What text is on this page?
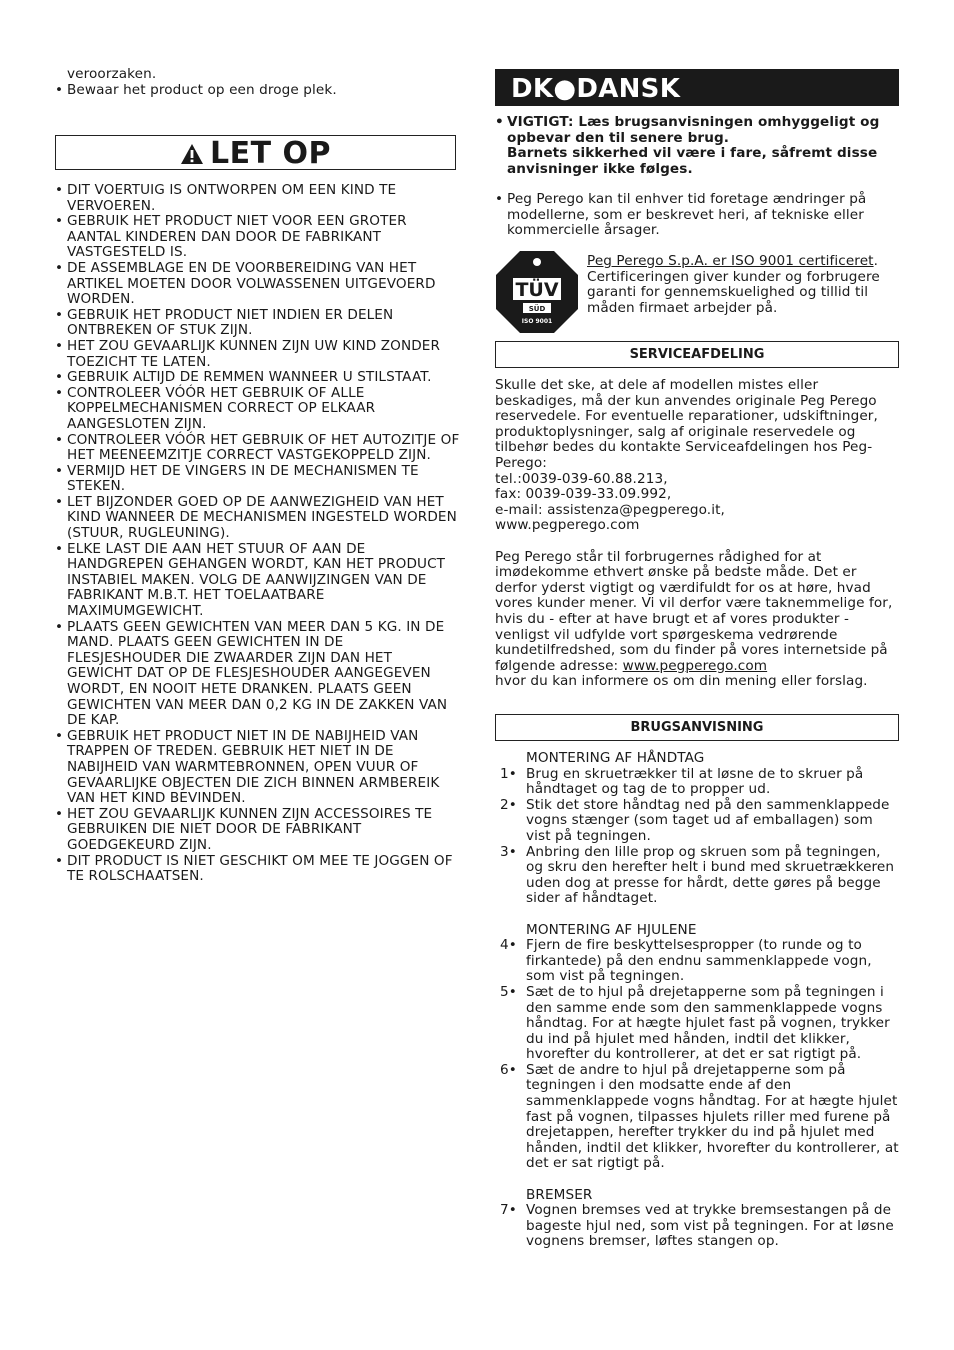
veroorzaken.

• Bewaar het product op een droge plek.

LET OP

• DIT VOERTUIG IS ONTWORPEN OM EEN KIND TE VERVOEREN.

• GEBRUIK HET PRODUCT NIET VOOR EEN GROTER AANTAL KINDEREN DAN DOOR DE FABRIKANT VASTGESTELD IS.

• DE ASSEMBLAGE EN DE VOORBEREIDING VAN HET ARTIKEL MOETEN DOOR VOLWASSENEN UITGEVOERD WORDEN.

• GEBRUIK HET PRODUCT NIET INDIEN ER DELEN ONTBREKEN OF STUK ZIJN.

• HET ZOU GEVAARLIJK KUNNEN ZIJN UW KIND ZONDER TOEZICHT TE LATEN.

• GEBRUIK ALTIJD DE REMMEN WANNEER U STILSTAAT.

• CONTROLEER VÓÓR HET GEBRUIK OF ALLE KOPPELMECHANISMEN CORRECT OP ELKAAR AANGESLOTEN ZIJN.

• CONTROLEER VÓÓR HET GEBRUIK OF HET AUTOZITJE OF HET MEENEEMZITJE CORRECT VASTGEKOPPELD ZIJN.

• VERMIJD HET DE VINGERS IN DE MECHANISMEN TE STEKEN.

• LET BIJZONDER GOED OP DE AANWEZIGHEID VAN HET KIND WANNEER DE MECHANISMEN INGESTELD WORDEN (STUUR, RUGLEUNING).

• ELKE LAST DIE AAN HET STUUR OF AAN DE HANDGREPEN GEHANGEN WORDT, KAN HET PRODUCT INSTABIEL MAKEN. VOLG DE AANWIJZINGEN VAN DE FABRIKANT M.B.T. HET TOELAATBARE MAXIMUMGEWICHT.

• PLAATS GEEN GEWICHTEN VAN MEER DAN 5 KG. IN DE MAND. PLAATS GEEN GEWICHTEN IN DE FLESJESHOUDER DIE ZWAARDER ZIJN DAN HET GEWICHT DAT OP DE FLESJESHOUDER AANGEGEVEN WORDT, EN NOOIT HETE DRANKEN. PLAATS GEEN GEWICHTEN VAN MEER DAN 0,2 KG IN DE ZAKKEN VAN DE KAP.

• GEBRUIK HET PRODUCT NIET IN DE NABIJHEID VAN TRAPPEN OF TREDEN. GEBRUIK HET NIET IN DE NABIJHEID VAN WARMTEBRONNEN, OPEN VUUR OF GEVAARLIJKE OBJECTEN DIE ZICH BINNEN ARMBEREIK VAN HET KIND BEVINDEN.

• HET ZOU GEVAARLIJK KUNNEN ZIJN ACCESSOIRES TE GEBRUIKEN DIE NIET DOOR DE FABRIKANT GOEDGEKEURD ZIJN.

• DIT PRODUCT IS NIET GESCHIKT OM MEE TE JOGGEN OF TE ROLSCHAATSEN.

DK●DANSK

• VIGTIGT: Læs brugsanvisningen omhyggeligt og opbevar den til senere brug.

Barnets sikkerhed vil være i fare, såfremt disse anvisninger ikke følges.

• Peg Perego kan til enhver tid foretage ændringer på modellerne, som er beskrevet heri, af tekniske eller kommercielle årsager.

TÜV
SÜD
ISO 9001
Peg Perego S.p.A. er ISO 9001 certificeret. Certificeringen giver kunder og forbrugere garanti for gennemskuelighed og tillid til måden firmaet arbejder på.
SERVICEAFDELING

Skulle det ske, at dele af modellen mistes eller beskadiges, må der kun anvendes originale Peg Perego reservedele. For eventuelle reparationer, udskiftninger, produktoplysninger, salg af originale reservedele og tilbehør bedes du kontakte Serviceafdelingen hos Peg-Perego:

tel.:0039-039-60.88.213,

fax: 0039-039-33.09.992,

e-mail: assistenza@pegperego.it,

www.pegperego.com

Peg Perego står til forbrugernes rådighed for at imødekomme ethvert ønske på bedste måde. Det er derfor yderst vigtigt og værdifuldt for os at høre, hvad vores kunder mener. Vi vil derfor være taknemmelige for, hvis du - efter at have brugt et af vores produkter - venligst vil udfylde vort spørgeskema vedrørende kundetilfredshed, som du finder på vores internetside på følgende adresse: www.pegperego.com

hvor du kan informere os om din mening eller forslag.

BRUGSANVISNING

MONTERING AF HÅNDTAG

1• Brug en skruetrækker til at løsne de to skruer på håndtaget og tag de to propper ud.

2• Stik det store håndtag ned på den sammenklappede vogns stænger (som taget ud af emballagen) som vist på tegningen.

3• Anbring den lille prop og skruen som på tegningen, og skru den herefter helt i bund med skruetrækkeren uden dog at presse for hårdt, dette gøres på begge sider af håndtaget.

MONTERING AF HJULENE

4• Fjern de fire beskyttelsespropper (to runde og to firkantede) på den endnu sammenklappede vogn, som vist på tegningen.

5• Sæt de to hjul på drejetapperne som på tegningen i den samme ende som den sammenklappede vogns håndtag. For at hægte hjulet fast på vognen, trykker du ind på hjulet med hånden, indtil det klikker, hvorefter du kontrollerer, at det er sat rigtigt på.

6• Sæt de andre to hjul på drejetapperne som på tegningen i den modsatte ende af den sammenklappede vogns håndtag. For at hægte hjulet fast på vognen, tilpasses hjulets riller med furene på drejetappen, herefter trykker du ind på hjulet med hånden, indtil det klikker, hvorefter du kontrollerer, at det er sat rigtigt på.

BREMSER

7• Vognen bremses ved at trykke bremsestangen på de bageste hjul ned, som vist på tegningen. For at løsne vognens bremser, løftes stangen op.
